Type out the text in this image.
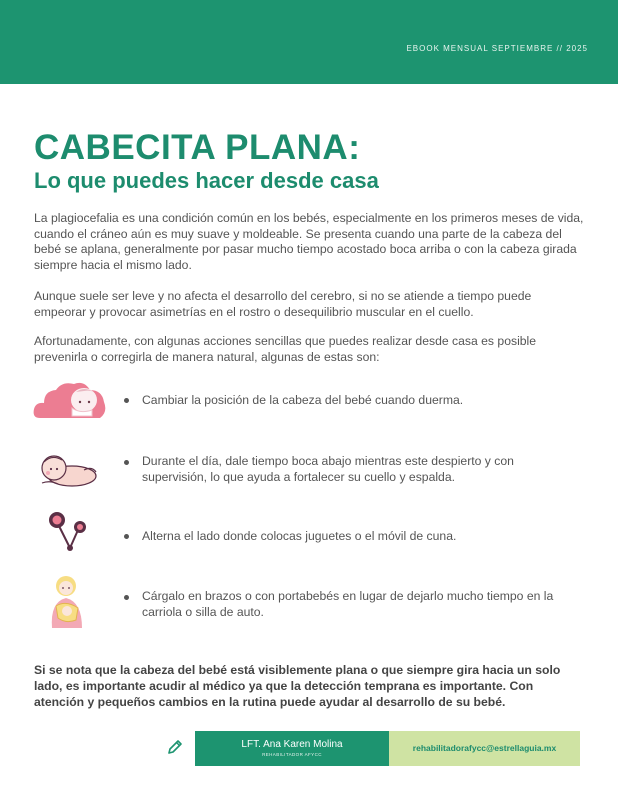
EBOOK MENSUAL SEPTIEMBRE // 2025
CABECITA PLANA:
Lo que puedes hacer desde casa
La plagiocefalia es una condición común en los bebés, especialmente en los primeros meses de vida, cuando el cráneo aún es muy suave y moldeable. Se presenta cuando una parte de la cabeza del bebé se aplana, generalmente por pasar mucho tiempo acostado boca arriba o con la cabeza girada siempre hacia el mismo lado.
Aunque suele ser leve y no afecta el desarrollo del cerebro, si no se atiende a tiempo puede empeorar y provocar asimetrías en el rostro o desequilibrio muscular en el cuello.
Afortunadamente, con algunas acciones sencillas que puedes realizar desde casa es posible prevenirla o corregirla de manera natural, algunas de estas son:
Cambiar la posición de la cabeza del bebé cuando duerma.
Durante el día, dale tiempo boca abajo mientras este despierto y con supervisión, lo que ayuda a fortalecer su cuello y espalda.
Alterna el lado donde colocas juguetes o el móvil de cuna.
Cárgalo en brazos o con portabebés en lugar de dejarlo mucho tiempo en la carriola o silla de auto.
Si se nota que la cabeza del bebé está visiblemente plana o que siempre gira hacia un solo lado, es importante acudir al médico ya que la detección temprana es importante. Con atención y pequeños cambios en la rutina puede ayudar al desarrollo de su bebé.
LFT. Ana Karen Molina
REHABILITADOR AFYCC
rehabilitadorafycc@estrellaguia.mx
